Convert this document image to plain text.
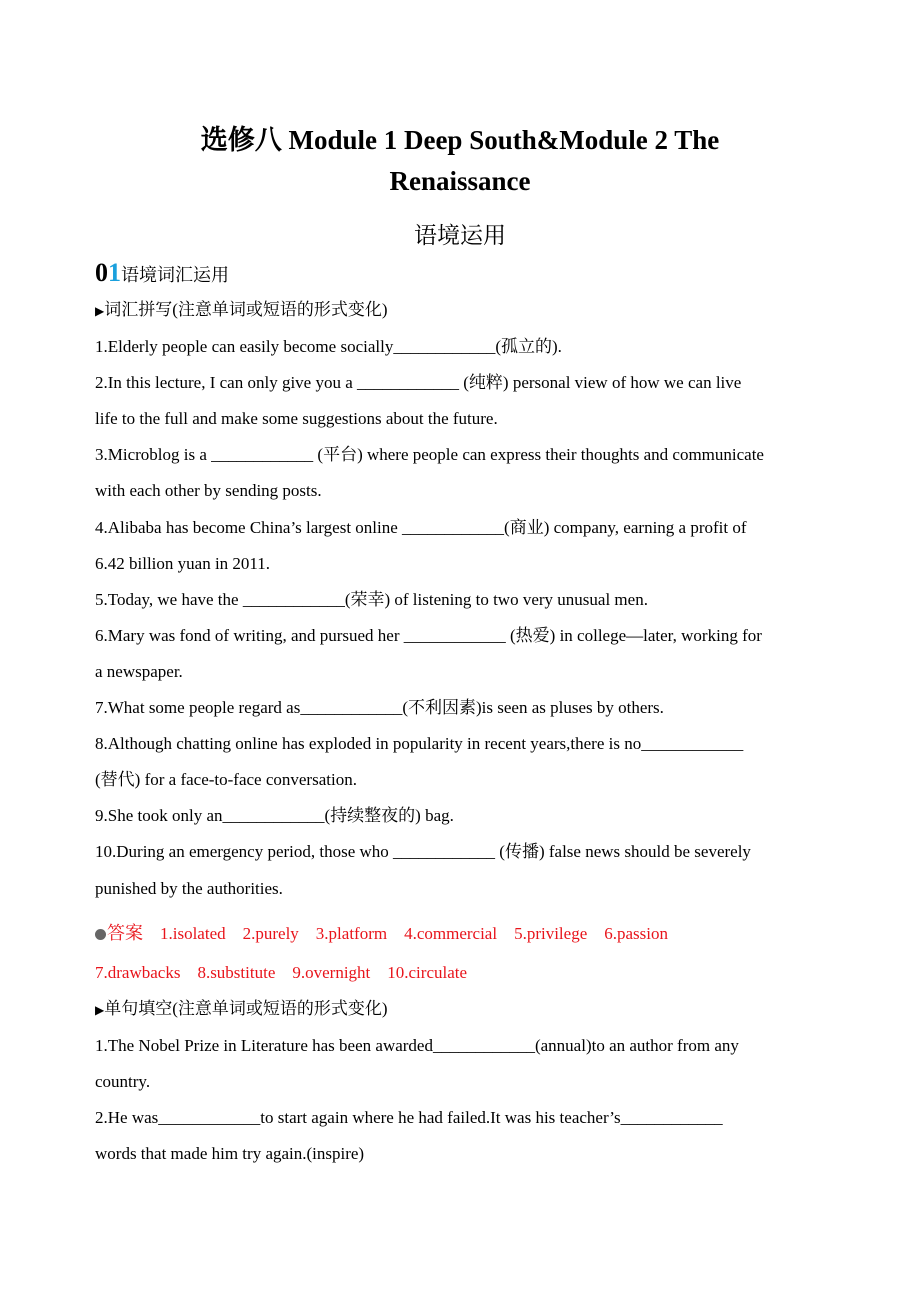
选修八 Module 1 Deep South&Module 2 The
Renaissance
语境运用
01语境词汇运用
▶词汇拼写(注意单词或短语的形式变化)
1.Elderly people can easily become socially____________(孤立的).
2.In this lecture, I can only give you a ____________ (纯粹) personal view of how we can live
life to the full and make some suggestions about the future.
3.Microblog is a ____________ (平台) where people can express their thoughts and communicate
with each other by sending posts.
4.Alibaba has become China’s largest online ____________(商业) company, earning a profit of
6.42 billion yuan in 2011.
5.Today, we have the ____________(荣幸) of listening to two very unusual men.
6.Mary was fond of writing, and pursued her ____________ (热爱) in college—later, working for
a newspaper.
7.What some people regard as____________(不利因素)is seen as pluses by others.
8.Although chatting online has exploded in popularity in recent years,there is no____________
(替代) for a face-to-face conversation.
9.She took only an____________(持续整夜的) bag.
10.During an emergency period, those who ____________ (传播) false news should be severely
punished by the authorities.
答案 1.isolated    2.purely    3.platform    4.commercial    5.privilege    6.passion
7.drawbacks    8.substitute    9.overnight    10.circulate
▶单句填空(注意单词或短语的形式变化)
1.The Nobel Prize in Literature has been awarded____________(annual)to an author from any
country.
2.He was____________to start again where he had failed.It was his teacher’s____________
words that made him try again.(inspire)
